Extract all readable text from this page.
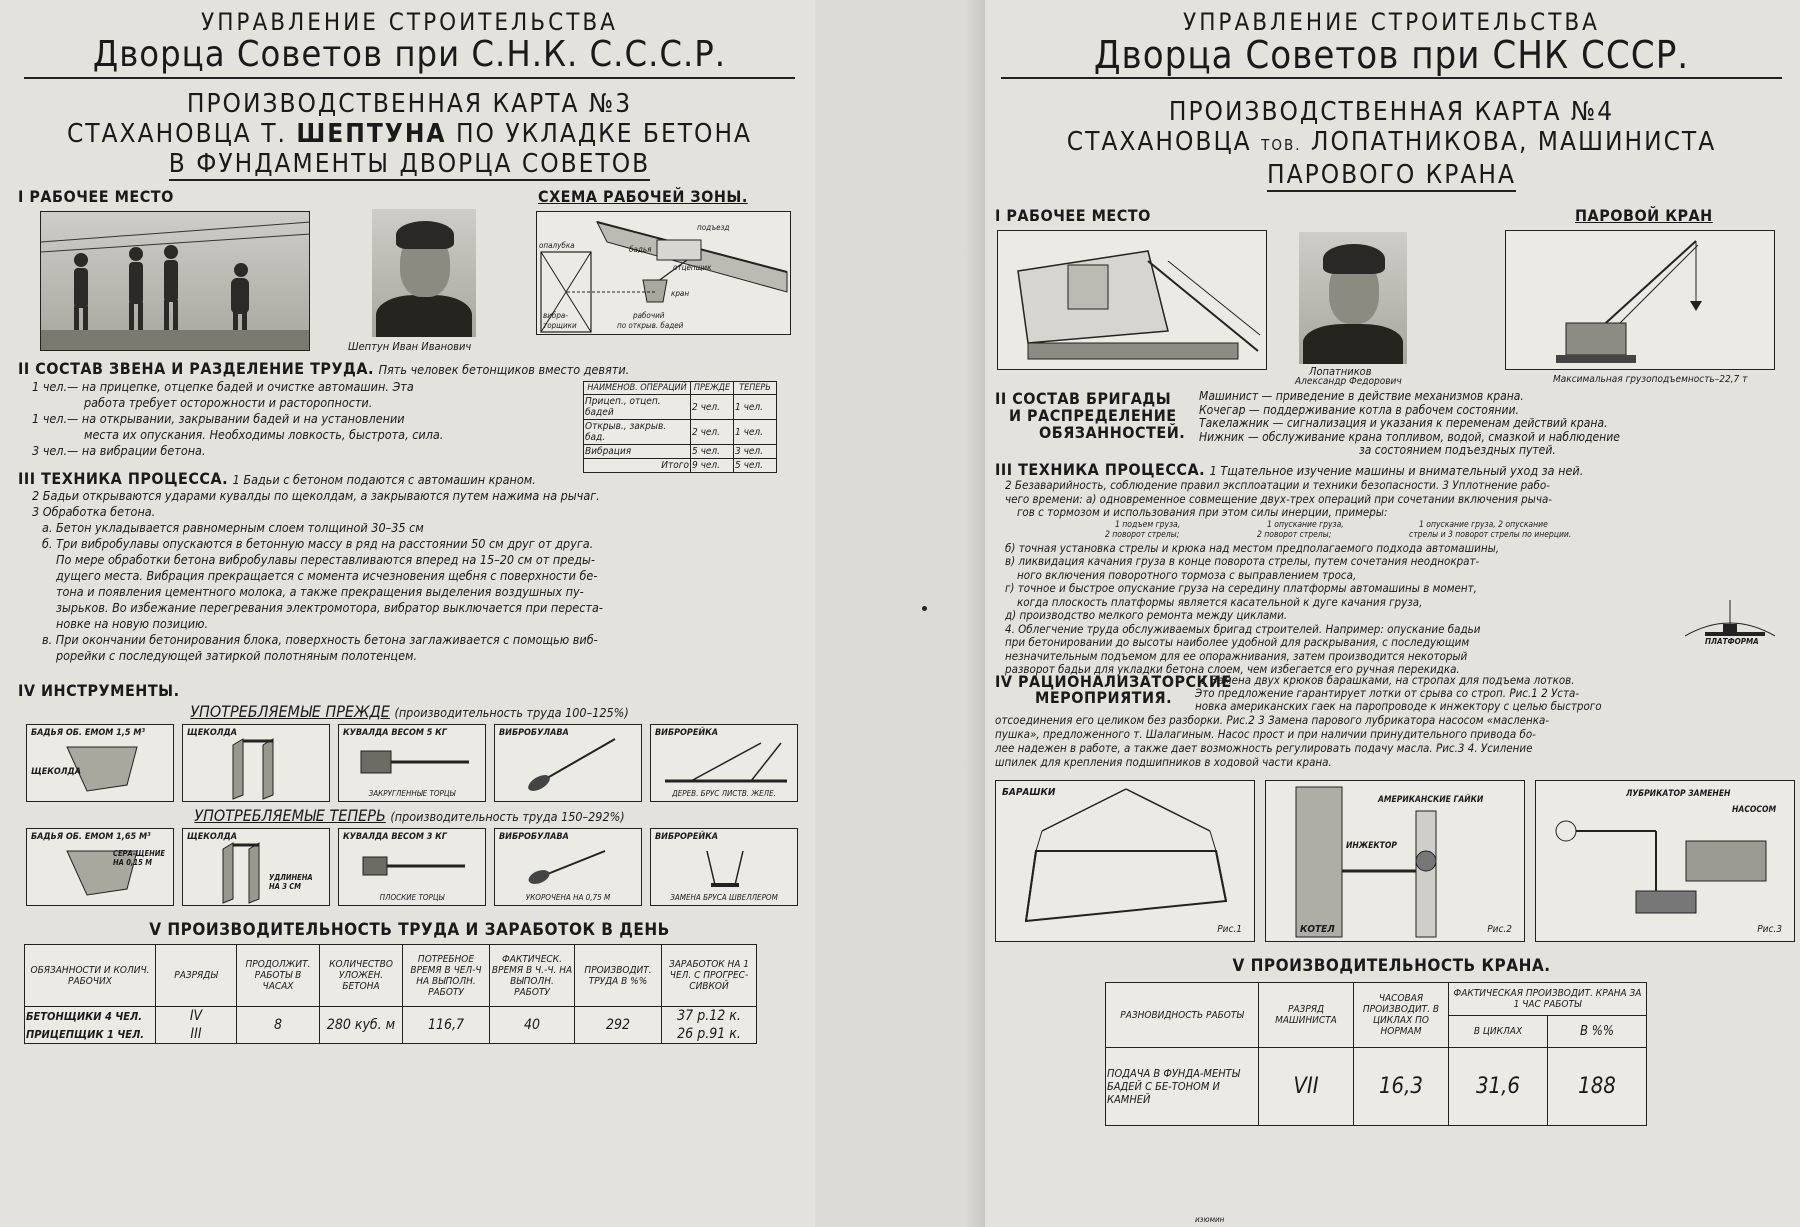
УПРАВЛЕНИЕ СТРОИТЕЛЬСТВА
Дворца Советов при С.Н.К. С.С.С.Р.
ПРОИЗВОДСТВЕННАЯ КАРТА №3
СТАХАНОВЦА Т. ШЕПТУНА ПО УКЛАДКЕ БЕТОНА
В ФУНДАМЕНТЫ ДВОРЦА СОВЕТОВ
I РАБОЧЕЕ МЕСТО	СХЕМА РАБОЧЕЙ ЗОНЫ.
Шептун Иван Иванович
подъезд
опалубка	бадья
отцепщик
кран
вибра-
торщики
рабочий
по открыв. бадей
II СОСТАВ ЗВЕНА И РАЗДЕЛЕНИЕ ТРУДА. Пять человек бетонщиков вместо девяти.
1 чел.— на прицепке, отцепке бадей и очистке автомашин. Эта
работа требует осторожности и расторопности.
1 чел.— на открывании, закрывании бадей и на установлении
места их опускания. Необходимы ловкость, быстрота, сила.
3 чел.— на вибрации бетона.
НАИМЕНОВ. ОПЕРАЦИЙ	ПРЕЖДЕ	ТЕПЕРЬ
Прицеп., отцеп. бадей	2 чел.	1 чел.
Открыв., закрыв. бад.	2 чел.	1 чел.
Вибрация	5 чел.	3 чел.
Итого	9 чел.	5 чел.
III ТЕХНИКА ПРОЦЕССА. 1 Бадьи с бетоном подаются с автомашин краном.
2 Бадьи открываются ударами кувалды по щеколдам, а закрываются путем нажима на рычаг.
3 Обработка бетона.
а. Бетон укладывается равномерным слоем толщиной 30–35 см
б. Три вибробулавы опускаются в бетонную массу в ряд на расстоянии 50 см друг от друга.
По мере обработки бетона вибробулавы переставливаются вперед на 15–20 см от преды-
дущего места. Вибрация прекращается с момента исчезновения щебня с поверхности бе-
тона и появления цементного молока, а также прекращения выделения воздушных пу-
зырьков. Во избежание перегревания электромотора, вибратор выключается при переста-
новке на новую позицию.
в. При окончании бетонирования блока, поверхность бетона заглаживается с помощью виб-
рорейки с последующей затиркой полотняным полотенцем.
IV ИНСТРУМЕНТЫ.
УПОТРЕБЛЯЕМЫЕ ПРЕЖДЕ (производительность труда 100–125%)
БАДЬЯ ОБ. ЕМОМ 1,5 М³
ЩЕКОЛДА
ЩЕКОЛДА	КУВАЛДА ВЕСОМ 5 КГ
ЗАКРУГЛЕННЫЕ ТОРЦЫ
ВИБРОБУЛАВА	ВИБРОРЕЙКА
ДЕРЕВ. БРУС ЛИСТВ. ЖЕЛЕ.
УПОТРЕБЛЯЕМЫЕ ТЕПЕРЬ (производительность труда 150–292%)
БАДЬЯ ОБ. ЕМОМ 1,65 М³
СЕРА-ЩЕНИЕ НА 0,15 М
ЩЕКОЛДА
УДЛИНЕНА НА 3 СМ
КУВАЛДА ВЕСОМ 3 КГ
ПЛОСКИЕ ТОРЦЫ
ВИБРОБУЛАВА
УКОРОЧЕНА НА 0,75 М
ВИБРОРЕЙКА
ЗАМЕНА БРУСА ШВЕЛЛЕРОМ
V ПРОИЗВОДИТЕЛЬНОСТЬ ТРУДА И ЗАРАБОТОК В ДЕНЬ
ОБЯЗАННОСТИ И КОЛИЧ. РАБОЧИХ	РАЗРЯДЫ	ПРОДОЛЖИТ. РАБОТЫ В ЧАСАХ	КОЛИЧЕСТВО УЛОЖЕН. БЕТОНА	ПОТРЕБНОЕ ВРЕМЯ В ЧЕЛ-Ч НА ВЫПОЛН. РАБОТУ	ФАКТИЧЕСК. ВРЕМЯ В Ч.-Ч. НА ВЫПОЛН. РАБОТУ	ПРОИЗВОДИТ. ТРУДА В %%	ЗАРАБОТОК НА 1 ЧЕЛ. С ПРОГРЕС-СИВКОЙ
БЕТОНЩИКИ 4 ЧЕЛ.	IV	8	280 куб. м	116,7	40	292	37 р.12 к.
ПРИЦЕПЩИК 1 ЧЕЛ.	III						26 р.91 к.
УПРАВЛЕНИЕ СТРОИТЕЛЬСТВА
Дворца Советов при СНК СССР.
ПРОИЗВОДСТВЕННАЯ КАРТА №4
СТАХАНОВЦА ТОВ. ЛОПАТНИКОВА, МАШИНИСТА
ПАРОВОГО КРАНА
I РАБОЧЕЕ МЕСТО	ПАРОВОЙ КРАН
Лопатников
Александр Федорович	Максимальная грузоподъемность–22,7 т
II СОСТАВ БРИГАДЫ
И РАСПРЕДЕЛЕНИЕ
ОБЯЗАННОСТЕЙ.
Машинист — приведение в действие механизмов крана.
Кочегар — поддерживание котла в рабочем состоянии.
Такелажник — сигнализация и указания к переменам действий крана.
Нижник — обслуживание крана топливом, водой, смазкой и наблюдение
за состоянием подъездных путей.
III ТЕХНИКА ПРОЦЕССА. 1 Тщательное изучение машины и внимательный уход за ней.
2 Безаварийность, соблюдение правил эксплоатации и техники безопасности. 3 Уплотнение рабо-
чего времени: а) одновременное совмещение двух-трех операций при сочетании включения рыча-
гов с тормозом и использования при этом силы инерции, примеры:
1 подъем груза,
2 поворот стрелы;
1 опускание груза,
2 поворот стрелы;
1 опускание груза, 2 опускание
стрелы и 3 поворот стрелы по инерции.
б) точная установка стрелы и крюка над местом предполагаемого подхода автомашины,
в) ликвидация качания груза в конце поворота стрелы, путем сочетания неоднократ-
ного включения поворотного тормоза с выправлением троса,
г) точное и быстрое опускание груза на середину платформы автомашины в момент,
когда плоскость платформы является касательной к дуге качания груза,
д) производство мелкого ремонта между циклами.
4. Облегчение труда обслуживаемых бригад строителей. Например: опускание бадьи
при бетонировании до высоты наиболее удобной для раскрывания, с последующим
незначительным подъемом для ее опоражнивания, затем производится некоторый
разворот бадьи для укладки бетона слоем, чем избегается его ручная перекидка.
ПЛАТФОРМА
IV РАЦИОНАЛИЗАТОРСКИЕ
МЕРОПРИЯТИЯ.
1 Замена двух крюков барашками, на стропах для подъема лотков.
Это предложение гарантирует лотки от срыва со строп. Рис.1 2 Уста-
новка американских гаек на паропроводе к инжектору с целью быстрого
отсоединения его целиком без разборки. Рис.2 3 Замена парового лубрикатора насосом «масленка-
пушка», предложенного т. Шалагиным. Насос прост и при наличии принудительного привода бо-
лее надежен в работе, а также дает возможность регулировать подачу масла. Рис.3 4. Усиление
шпилек для крепления подшипников в ходовой части крана.
БАРАШКИ
Рис.1
АМЕРИКАНСКИЕ ГАЙКИ
ИНЖЕКТОР
КОТЕЛ	Рис.2
ЛУБРИКАТОР ЗАМЕНЕН
НАСОСОМ
Рис.3
V ПРОИЗВОДИТЕЛЬНОСТЬ КРАНА.
РАЗНОВИДНОСТЬ РАБОТЫ	РАЗРЯД МАШИНИСТА	ЧАСОВАЯ ПРОИЗВОДИТ. В ЦИКЛАХ ПО НОРМАМ	ФАКТИЧЕСКАЯ ПРОИЗВОДИТ. КРАНА ЗА 1 ЧАС РАБОТЫ	
			В ЦИКЛАХ	В %%
ПОДАЧА В ФУНДА-МЕНТЫ БАДЕЙ С БЕ-ТОНОМ И КАМНЕЙ	VII	16,3	31,6	188
изюмин
